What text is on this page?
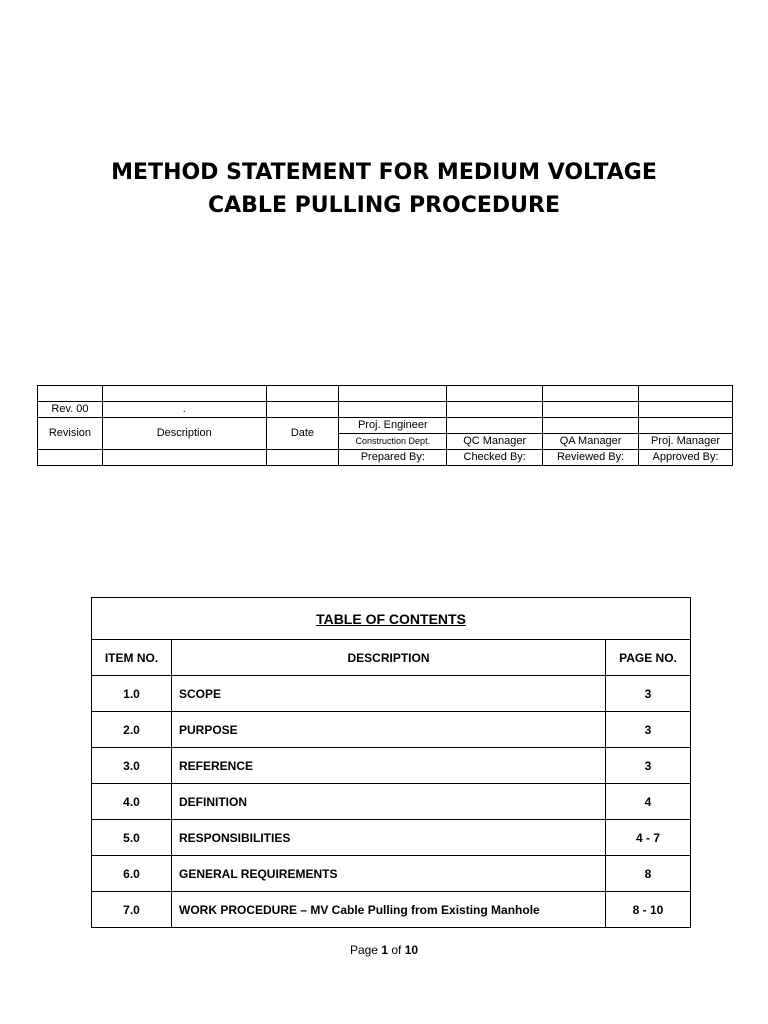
METHOD STATEMENT FOR MEDIUM VOLTAGE
CABLE PULLING PROCEDURE

Rev. 00	.					
Revision	Description	Date	Proj. Engineer			
			Construction Dept.	QC Manager	QA Manager	Proj. Manager
			Prepared By:	Checked By:	Reviewed By:	Approved By:
TABLE OF CONTENTS		
ITEM NO.	DESCRIPTION	PAGE NO.
1.0	SCOPE	3
2.0	PURPOSE	3
3.0	REFERENCE	3
4.0	DEFINITION	4
5.0	RESPONSIBILITIES	4 - 7
6.0	GENERAL REQUIREMENTS	8
7.0	WORK PROCEDURE – MV Cable Pulling from Existing Manhole	8 - 10
Page 1 of 10
